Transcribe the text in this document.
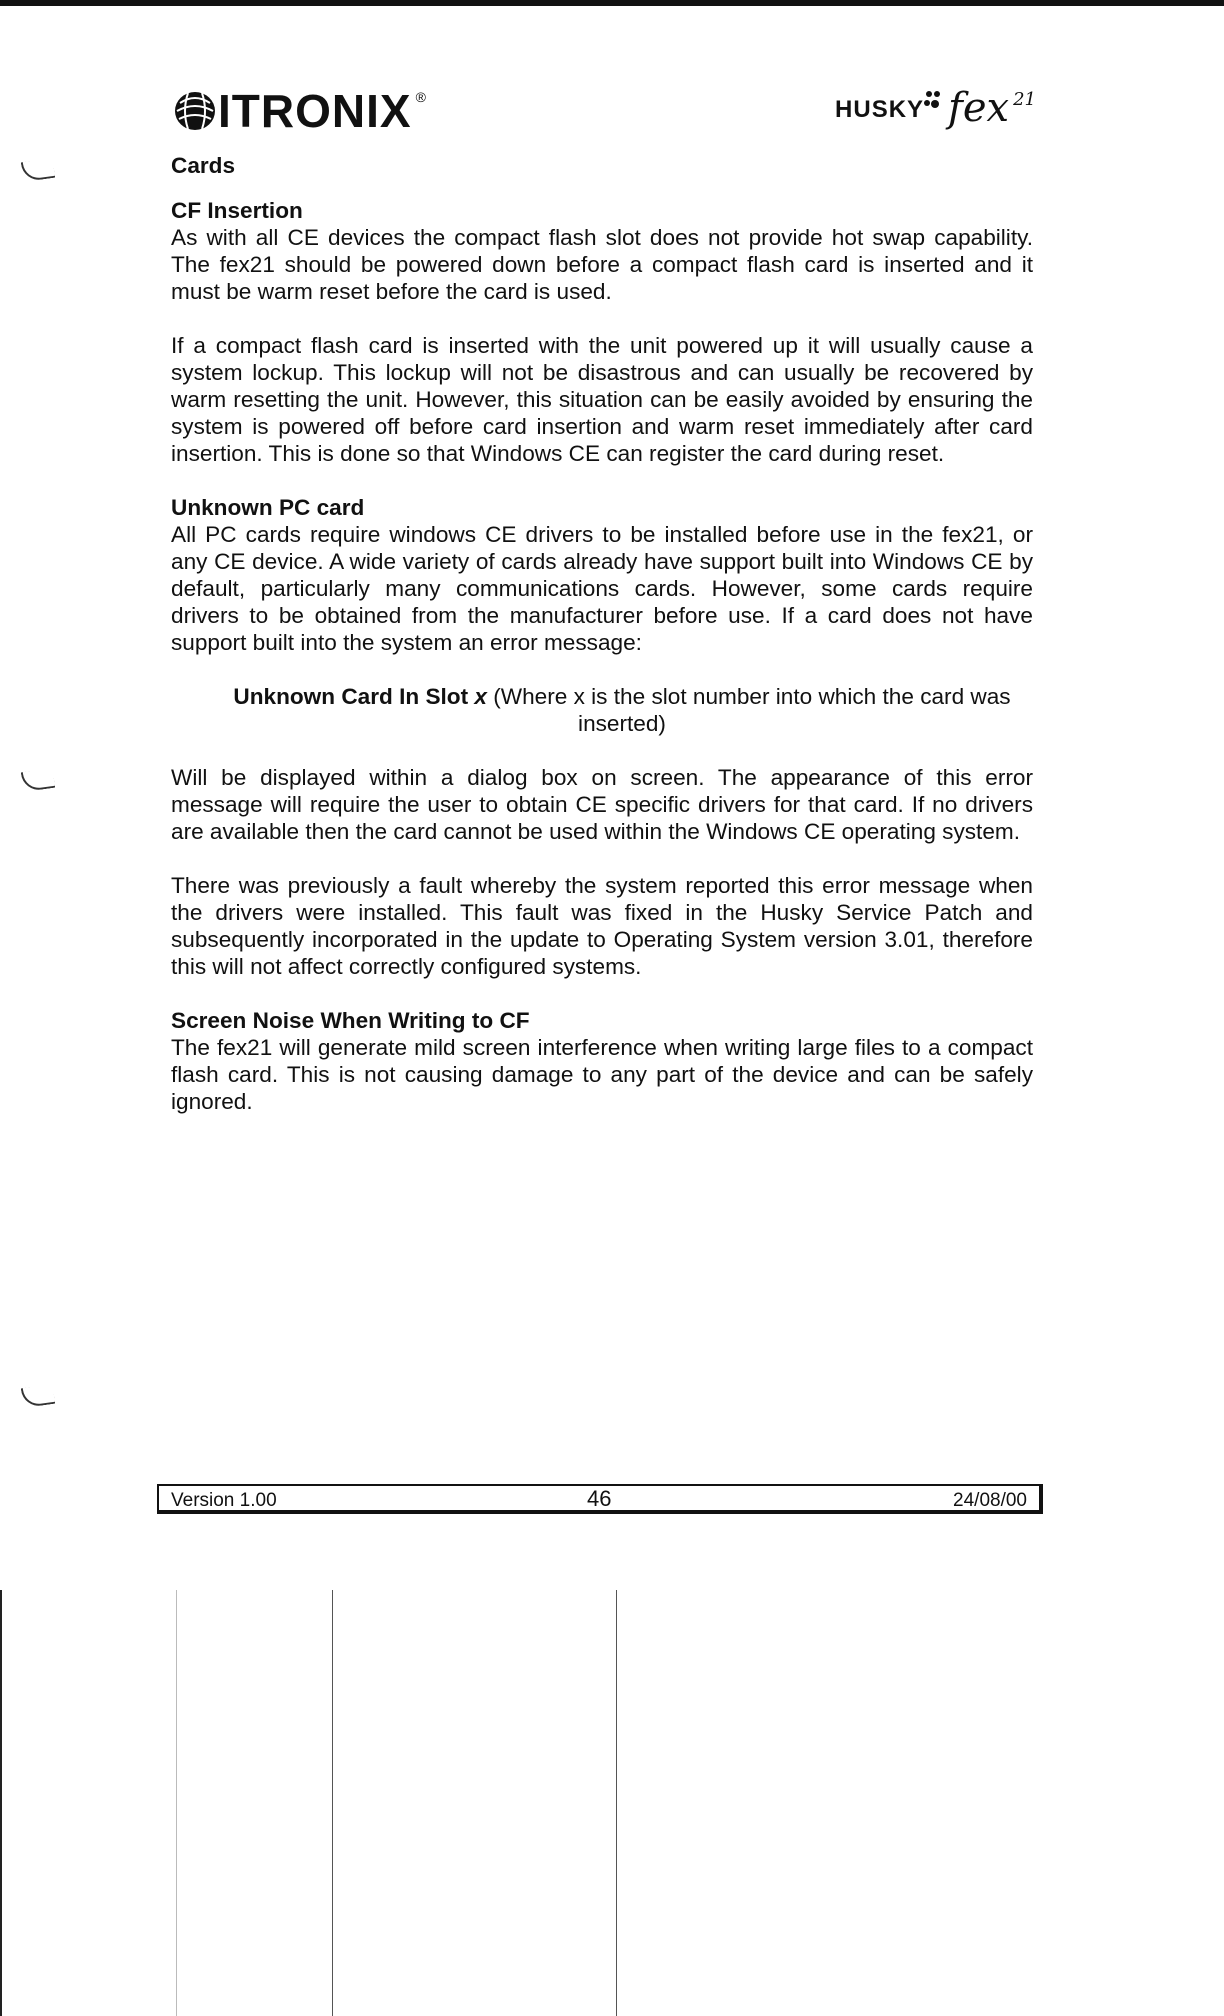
ITRONIX ®	HUSKY fex 21

Cards

CF Insertion

As with all CE devices the compact flash slot does not provide hot swap capability. The fex21 should be powered down before a compact flash card is inserted and it must be warm reset before the card is used.

If a compact flash card is inserted with the unit powered up it will usually cause a system lockup. This lockup will not be disastrous and can usually be recovered by warm resetting the unit. However, this situation can be easily avoided by ensuring the system is powered off before card insertion and warm reset immediately after card insertion. This is done so that Windows CE can register the card during reset.

Unknown PC card

All PC cards require windows CE drivers to be installed before use in the fex21, or any CE device. A wide variety of cards already have support built into Windows CE by default, particularly many communications cards. However, some cards require drivers to be obtained from the manufacturer before use. If a card does not have support built into the system an error message:

Unknown Card In Slot x (Where x is the slot number into which the card was inserted)

Will be displayed within a dialog box on screen. The appearance of this error message will require the user to obtain CE specific drivers for that card. If no drivers are available then the card cannot be used within the Windows CE operating system.

There was previously a fault whereby the system reported this error message when the drivers were installed. This fault was fixed in the Husky Service Patch and subsequently incorporated in the update to Operating System version 3.01, therefore this will not affect correctly configured systems.

Screen Noise When Writing to CF

The fex21 will generate mild screen interference when writing large files to a compact flash card. This is not causing damage to any part of the device and can be safely ignored.

Version 1.00	46	24/08/00
